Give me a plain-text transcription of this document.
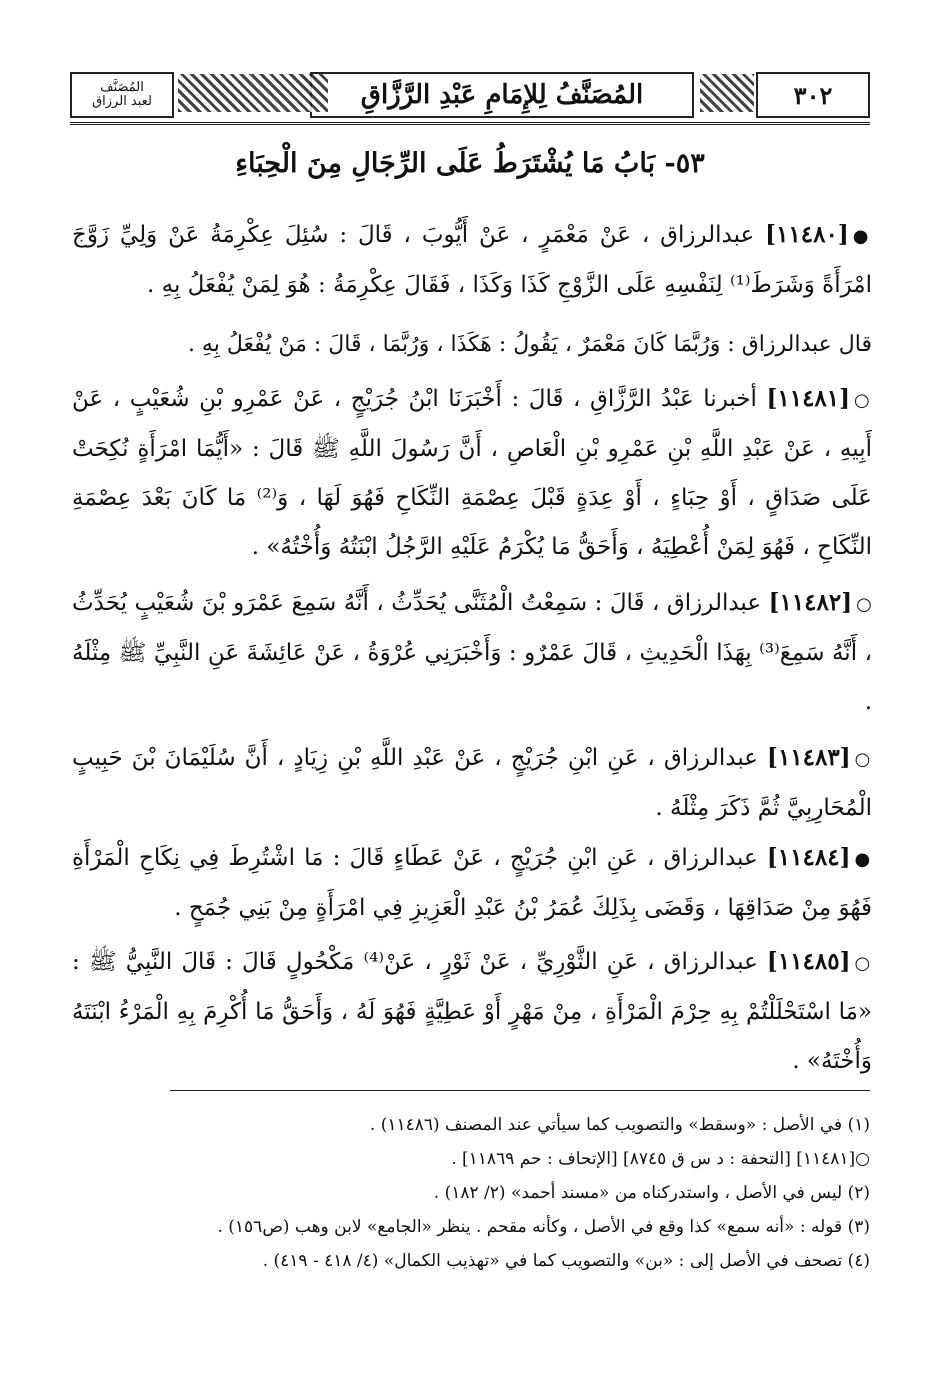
٣٠٢
المُصَنَّفُ لِلإِمَامِ عَبْدِ الرَّزَّاقِ
المُصَنَّف
لعبد الرزاق
٥٣- بَابُ مَا يُشْتَرَطُ عَلَى الرِّجَالِ مِنَ الْحِبَاءِ
●[١١٤٨٠] عبدالرزاق ، عَنْ مَعْمَرٍ ، عَنْ أَيُّوبَ ، قَالَ : سُئِلَ عِكْرِمَةُ عَنْ وَلِيِّ زَوَّجَ امْرَأَةً وَشَرَطَ⁽¹⁾ لِنَفْسِهِ عَلَى الزَّوْجِ كَذَا وَكَذَا ، فَقَالَ عِكْرِمَةُ : هُوَ لِمَنْ يُفْعَلُ بِهِ .
قال عبدالرزاق : وَرُبَّمَا كَانَ مَعْمَرٌ ، يَقُولُ : هَكَذَا ، وَرُبَّمَا ، قَالَ : مَنْ يُفْعَلُ بِهِ .
○[١١٤٨١] أخبرنا عَبْدُ الرَّزَّاقِ ، قَالَ : أَخْبَرَنَا ابْنُ جُرَيْجٍ ، عَنْ عَمْرِو بْنِ شُعَيْبٍ ، عَنْ أَبِيهِ ، عَنْ عَبْدِ اللَّهِ بْنِ عَمْرِو بْنِ الْعَاصِ ، أَنَّ رَسُولَ اللَّهِ ﷺ قَالَ : «أَيُّمَا امْرَأَةٍ نُكِحَتْ عَلَى صَدَاقٍ ، أَوْ حِبَاءٍ ، أَوْ عِدَةٍ قَبْلَ عِصْمَةِ النِّكَاحِ فَهُوَ لَهَا ، وَ⁽²⁾ مَا كَانَ بَعْدَ عِصْمَةِ النِّكَاحِ ، فَهُوَ لِمَنْ أُعْطِيَهُ ، وَأَحَقُّ مَا يُكْرَمُ عَلَيْهِ الرَّجُلُ ابْنَتُهُ وَأُخْتُهُ» .
○[١١٤٨٢] عبدالرزاق ، قَالَ : سَمِعْتُ الْمُثَنَّى يُحَدِّثُ ، أَنَّهُ سَمِعَ عَمْرَو بْنَ شُعَيْبٍ يُحَدِّثُ ، أَنَّهُ سَمِعَ⁽³⁾ بِهَذَا الْحَدِيثِ ، قَالَ عَمْرٌو : وَأَخْبَرَنِي عُرْوَةُ ، عَنْ عَائِشَةَ عَنِ النَّبِيِّ ﷺ مِثْلَهُ .
○[١١٤٨٣] عبدالرزاق ، عَنِ ابْنِ جُرَيْجٍ ، عَنْ عَبْدِ اللَّهِ بْنِ زِيَادٍ ، أَنَّ سُلَيْمَانَ بْنَ حَبِيبٍ الْمُحَارِبِيَّ ثُمَّ ذَكَرَ مِثْلَهُ .
●[١١٤٨٤] عبدالرزاق ، عَنِ ابْنِ جُرَيْجٍ ، عَنْ عَطَاءٍ قَالَ : مَا اشْتُرِطَ فِي نِكَاحِ الْمَرْأَةِ فَهُوَ مِنْ صَدَاقِهَا ، وَقَضَى بِذَلِكَ عُمَرُ بْنُ عَبْدِ الْعَزِيزِ فِي امْرَأَةٍ مِنْ بَنِي جُمَحٍ .
○[١١٤٨٥] عبدالرزاق ، عَنِ الثَّوْرِيِّ ، عَنْ ثَوْرٍ ، عَنْ⁽⁴⁾ مَكْحُولٍ قَالَ : قَالَ النَّبِيُّ ﷺ : «مَا اسْتَحْلَلْتُمْ بِهِ حِرْمَ الْمَرْأَةِ ، مِنْ مَهْرٍ أَوْ عَطِيَّةٍ فَهُوَ لَهُ ، وَأَحَقُّ مَا أُكْرِمَ بِهِ الْمَرْءُ ابْنَتَهُ وَأُخْتَهُ» .
(١) في الأصل : «وسقط» والتصويب كما سيأتي عند المصنف (١١٤٨٦) .
○[١١٤٨١] [التحفة : د س ق ٨٧٤٥] [الإتحاف : حم ١١٨٦٩] .
(٢) ليس في الأصل ، واستدركناه من «مسند أحمد» (٢/ ١٨٢) .
(٣) قوله : «أنه سمع» كذا وقع في الأصل ، وكأنه مقحم . ينظر «الجامع» لابن وهب (ص١٥٦) .
(٤) تصحف في الأصل إلى : «بن» والتصويب كما في «تهذيب الكمال» (٤/ ٤١٨ - ٤١٩) .
